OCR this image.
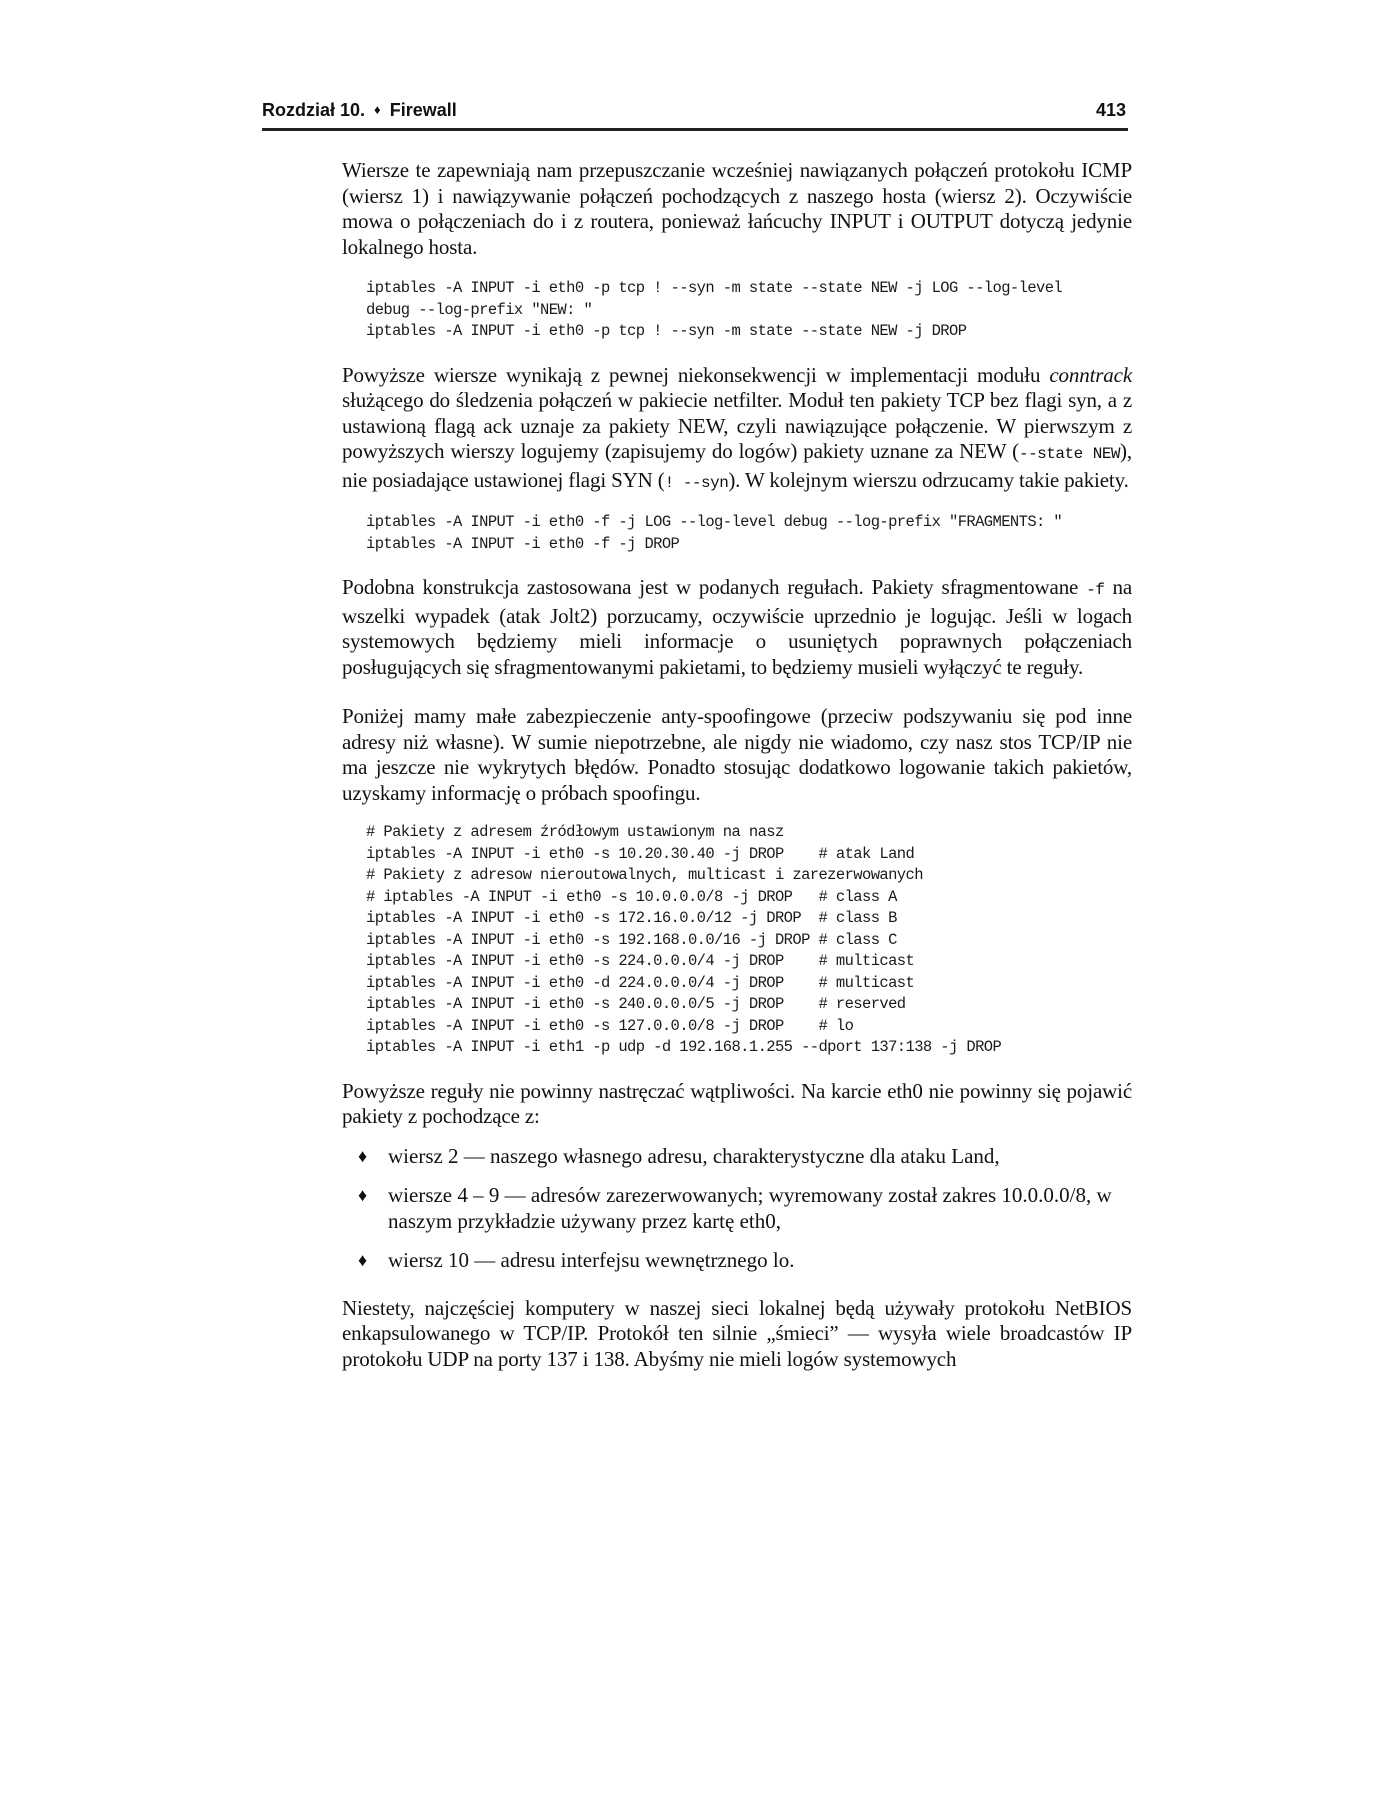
Rozdział 10. ♦ Firewall	413

Wiersze te zapewniają nam przepuszczanie wcześniej nawiązanych połączeń protokołu ICMP (wiersz 1) i nawiązywanie połączeń pochodzących z naszego hosta (wiersz 2). Oczywiście mowa o połączeniach do i z routera, ponieważ łańcuchy INPUT i OUTPUT dotyczą jedynie lokalnego hosta.

iptables -A INPUT -i eth0 -p tcp ! --syn -m state --state NEW -j LOG --log-level
debug --log-prefix "NEW: "
iptables -A INPUT -i eth0 -p tcp ! --syn -m state --state NEW -j DROP

Powyższe wiersze wynikają z pewnej niekonsekwencji w implementacji modułu conntrack służącego do śledzenia połączeń w pakiecie netfilter. Moduł ten pakiety TCP bez flagi syn, a z ustawioną flagą ack uznaje za pakiety NEW, czyli nawiązujące połączenie. W pierwszym z powyższych wierszy logujemy (zapisujemy do logów) pakiety uznane za NEW (--state NEW), nie posiadające ustawionej flagi SYN (! --syn). W kolejnym wierszu odrzucamy takie pakiety.

iptables -A INPUT -i eth0 -f -j LOG --log-level debug --log-prefix "FRAGMENTS: "
iptables -A INPUT -i eth0 -f -j DROP

Podobna konstrukcja zastosowana jest w podanych regułach. Pakiety sfragmentowane -f na wszelki wypadek (atak Jolt2) porzucamy, oczywiście uprzednio je logując. Jeśli w logach systemowych będziemy mieli informacje o usuniętych poprawnych połączeniach posługujących się sfragmentowanymi pakietami, to będziemy musieli wyłączyć te reguły.

Poniżej mamy małe zabezpieczenie anty-spoofingowe (przeciw podszywaniu się pod inne adresy niż własne). W sumie niepotrzebne, ale nigdy nie wiadomo, czy nasz stos TCP/IP nie ma jeszcze nie wykrytych błędów. Ponadto stosując dodatkowo logowanie takich pakietów, uzyskamy informację o próbach spoofingu.

# Pakiety z adresem źródłowym ustawionym na nasz
iptables -A INPUT -i eth0 -s 10.20.30.40 -j DROP    # atak Land
# Pakiety z adresow nieroutowalnych, multicast i zarezerwowanych
# iptables -A INPUT -i eth0 -s 10.0.0.0/8 -j DROP   # class A
iptables -A INPUT -i eth0 -s 172.16.0.0/12 -j DROP  # class B
iptables -A INPUT -i eth0 -s 192.168.0.0/16 -j DROP # class C
iptables -A INPUT -i eth0 -s 224.0.0.0/4 -j DROP    # multicast
iptables -A INPUT -i eth0 -d 224.0.0.0/4 -j DROP    # multicast
iptables -A INPUT -i eth0 -s 240.0.0.0/5 -j DROP    # reserved
iptables -A INPUT -i eth0 -s 127.0.0.0/8 -j DROP    # lo
iptables -A INPUT -i eth1 -p udp -d 192.168.1.255 --dport 137:138 -j DROP

Powyższe reguły nie powinny nastręczać wątpliwości. Na karcie eth0 nie powinny się pojawić pakiety z pochodzące z:

♦ wiersz 2 — naszego własnego adresu, charakterystyczne dla ataku Land,
♦ wiersze 4 – 9 — adresów zarezerwowanych; wyremowany został zakres 10.0.0.0/8, w naszym przykładzie używany przez kartę eth0,
♦ wiersz 10 — adresu interfejsu wewnętrznego lo.

Niestety, najczęściej komputery w naszej sieci lokalnej będą używały protokołu NetBIOS enkapsulowanego w TCP/IP. Protokół ten silnie „śmieci” — wysyła wiele broadcastów IP protokołu UDP na porty 137 i 138. Abyśmy nie mieli logów systemowych
